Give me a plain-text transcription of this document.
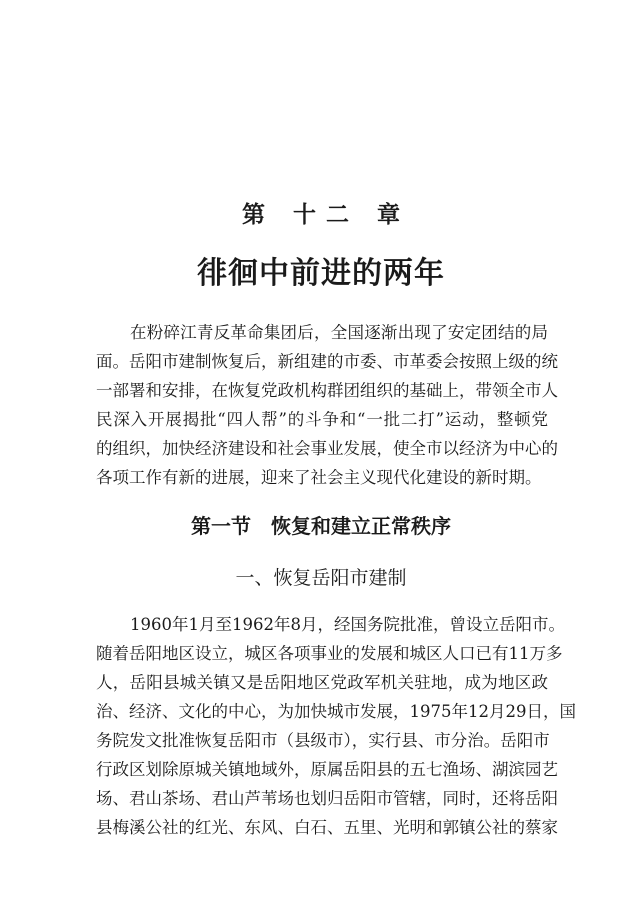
第 十二 章
徘徊中前进的两年
在粉碎江青反革命集团后，全国逐渐出现了安定团结的局
面。岳阳市建制恢复后，新组建的市委、市革委会按照上级的统
一部署和安排，在恢复党政机构群团组织的基础上，带领全市人
民深入开展揭批“四人帮”的斗争和“一批二打”运动，整顿党
的组织，加快经济建设和社会事业发展，使全市以经济为中心的
各项工作有新的进展，迎来了社会主义现代化建设的新时期。
第一节　恢复和建立正常秩序
一、恢复岳阳市建制
1960年1月至1962年8月，经国务院批准，曾设立岳阳市。
随着岳阳地区设立，城区各项事业的发展和城区人口已有11万多
人，岳阳县城关镇又是岳阳地区党政军机关驻地，成为地区政
治、经济、文化的中心，为加快城市发展，1975年12月29日，国
务院发文批准恢复岳阳市（县级市），实行县、市分治。岳阳市
行政区划除原城关镇地域外，原属岳阳县的五七渔场、湖滨园艺
场、君山茶场、君山芦苇场也划归岳阳市管辖，同时，还将岳阳
县梅溪公社的红光、东风、白石、五里、光明和郭镇公社的蔡家
